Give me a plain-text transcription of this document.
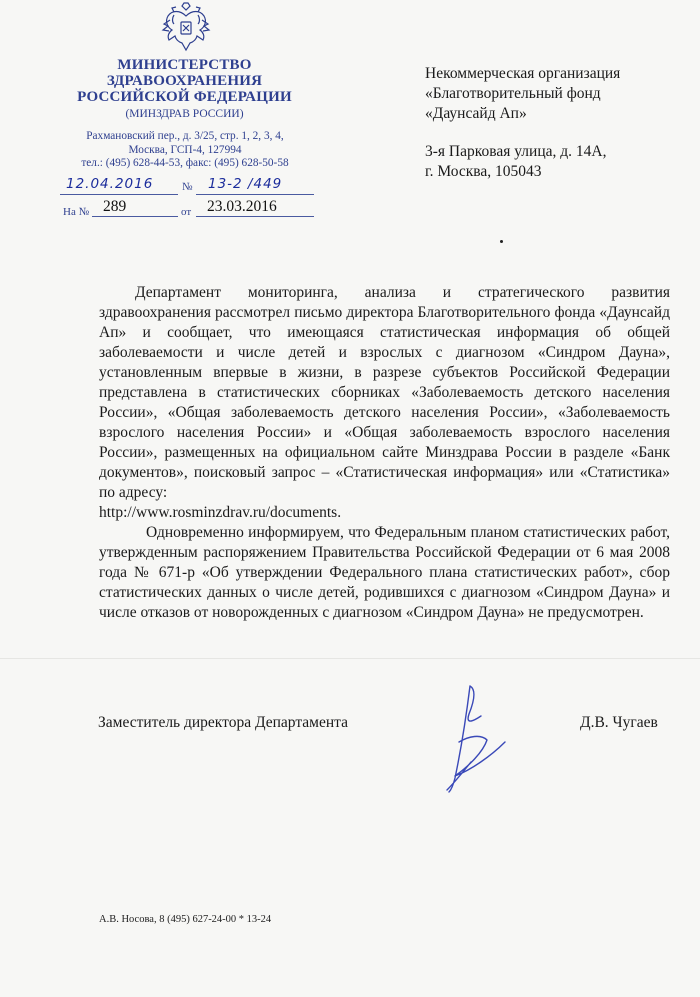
МИНИСТЕРСТВО
ЗДРАВООХРАНЕНИЯ
РОССИЙСКОЙ ФЕДЕРАЦИИ
(МИНЗДРАВ РОССИИ)
Рахмановский пер., д. 3/25, стр. 1, 2, 3, 4,
Москва, ГСП-4, 127994
тел.: (495) 628-44-53, факс: (495) 628-50-58
12.04.2016	№ 13-2 /449
На № 289	от 23.03.2016
Некоммерческая организация
«Благотворительный фонд
«Даунсайд Ап»
3-я Парковая улица, д. 14А,
г. Москва, 105043

Департамент мониторинга, анализа и стратегического развития здравоохранения рассмотрел письмо директора Благотворительного фонда «Даунсайд Ап» и сообщает, что имеющаяся статистическая информация об общей заболеваемости и числе детей и взрослых с диагнозом «Синдром Дауна», установленным впервые в жизни, в разрезе субъектов Российской Федерации представлена в статистических сборниках «Заболеваемость детского населения России», «Общая заболеваемость детского населения России», «Заболеваемость взрослого населения России» и «Общая заболеваемость взрослого населения России», размещенных на официальном сайте Минздрава России в разделе «Банк документов», поисковый запрос – «Статистическая информация» или «Статистика» по адресу:

http://www.rosminzdrav.ru/documents.

Одновременно информируем, что Федеральным планом статистических работ, утвержденным распоряжением Правительства Российской Федерации от 6 мая 2008 года № 671-р «Об утверждении Федерального плана статистических работ», сбор статистических данных о числе детей, родившихся с диагнозом «Синдром Дауна» и числе отказов от новорожденных с диагнозом «Синдром Дауна» не предусмотрен.

Заместитель директора Департамента	Д.В. Чугаев
А.В. Носова, 8 (495) 627-24-00 * 13-24
